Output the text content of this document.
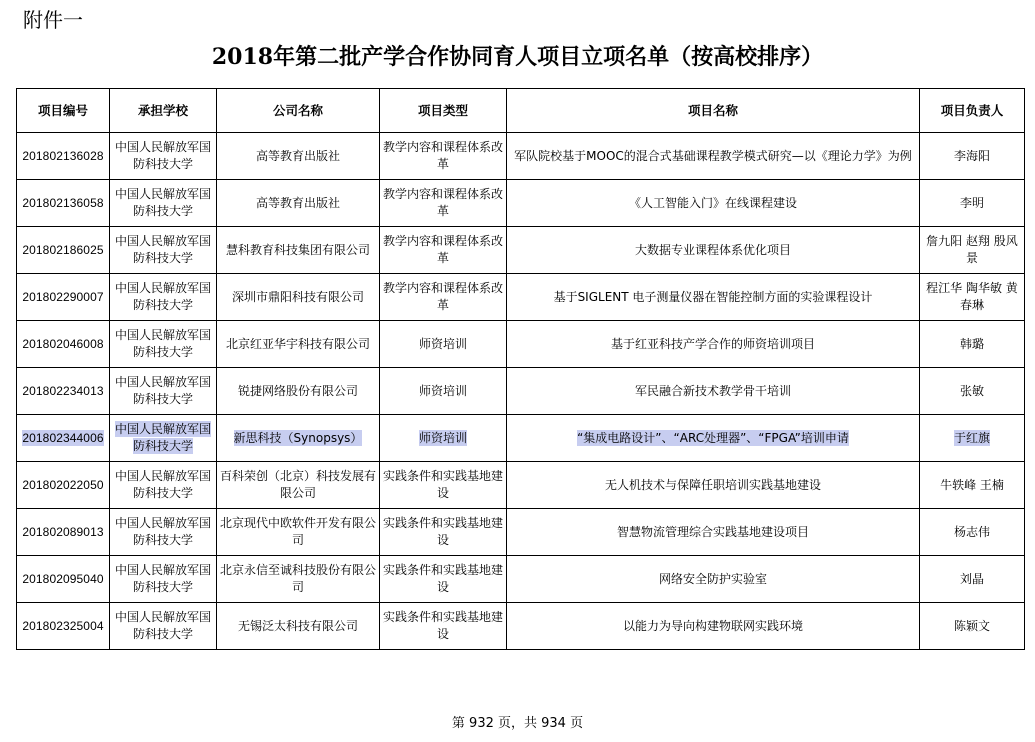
附件一
2018年第二批产学合作协同育人项目立项名单（按高校排序）
项目编号	承担学校	公司名称	项目类型	项目名称	项目负责人
201802136028	中国人民解放军国防科技大学	高等教育出版社	教学内容和课程体系改革	军队院校基于MOOC的混合式基础课程教学模式研究—以《理论力学》为例	李海阳
201802136058	中国人民解放军国防科技大学	高等教育出版社	教学内容和课程体系改革	《人工智能入门》在线课程建设	李明
201802186025	中国人民解放军国防科技大学	慧科教育科技集团有限公司	教学内容和课程体系改革	大数据专业课程体系优化项目	詹九阳 赵翔 殷风景
201802290007	中国人民解放军国防科技大学	深圳市鼎阳科技有限公司	教学内容和课程体系改革	基于SIGLENT 电子测量仪器在智能控制方面的实验课程设计	程江华 陶华敏 黄春琳
201802046008	中国人民解放军国防科技大学	北京红亚华宇科技有限公司	师资培训	基于红亚科技产学合作的师资培训项目	韩璐
201802234013	中国人民解放军国防科技大学	锐捷网络股份有限公司	师资培训	军民融合新技术教学骨干培训	张敏
201802344006	中国人民解放军国防科技大学	新思科技（Synopsys）	师资培训	“集成电路设计”、“ARC处理器”、“FPGA”培训申请	于红旗
201802022050	中国人民解放军国防科技大学	百科荣创（北京）科技发展有限公司	实践条件和实践基地建设	无人机技术与保障任职培训实践基地建设	牛轶峰 王楠
201802089013	中国人民解放军国防科技大学	北京现代中欧软件开发有限公司	实践条件和实践基地建设	智慧物流管理综合实践基地建设项目	杨志伟
201802095040	中国人民解放军国防科技大学	北京永信至诚科技股份有限公司	实践条件和实践基地建设	网络安全防护实验室	刘晶
201802325004	中国人民解放军国防科技大学	无锡泛太科技有限公司	实践条件和实践基地建设	以能力为导向构建物联网实践环境	陈颖文
第 932 页，共 934 页
